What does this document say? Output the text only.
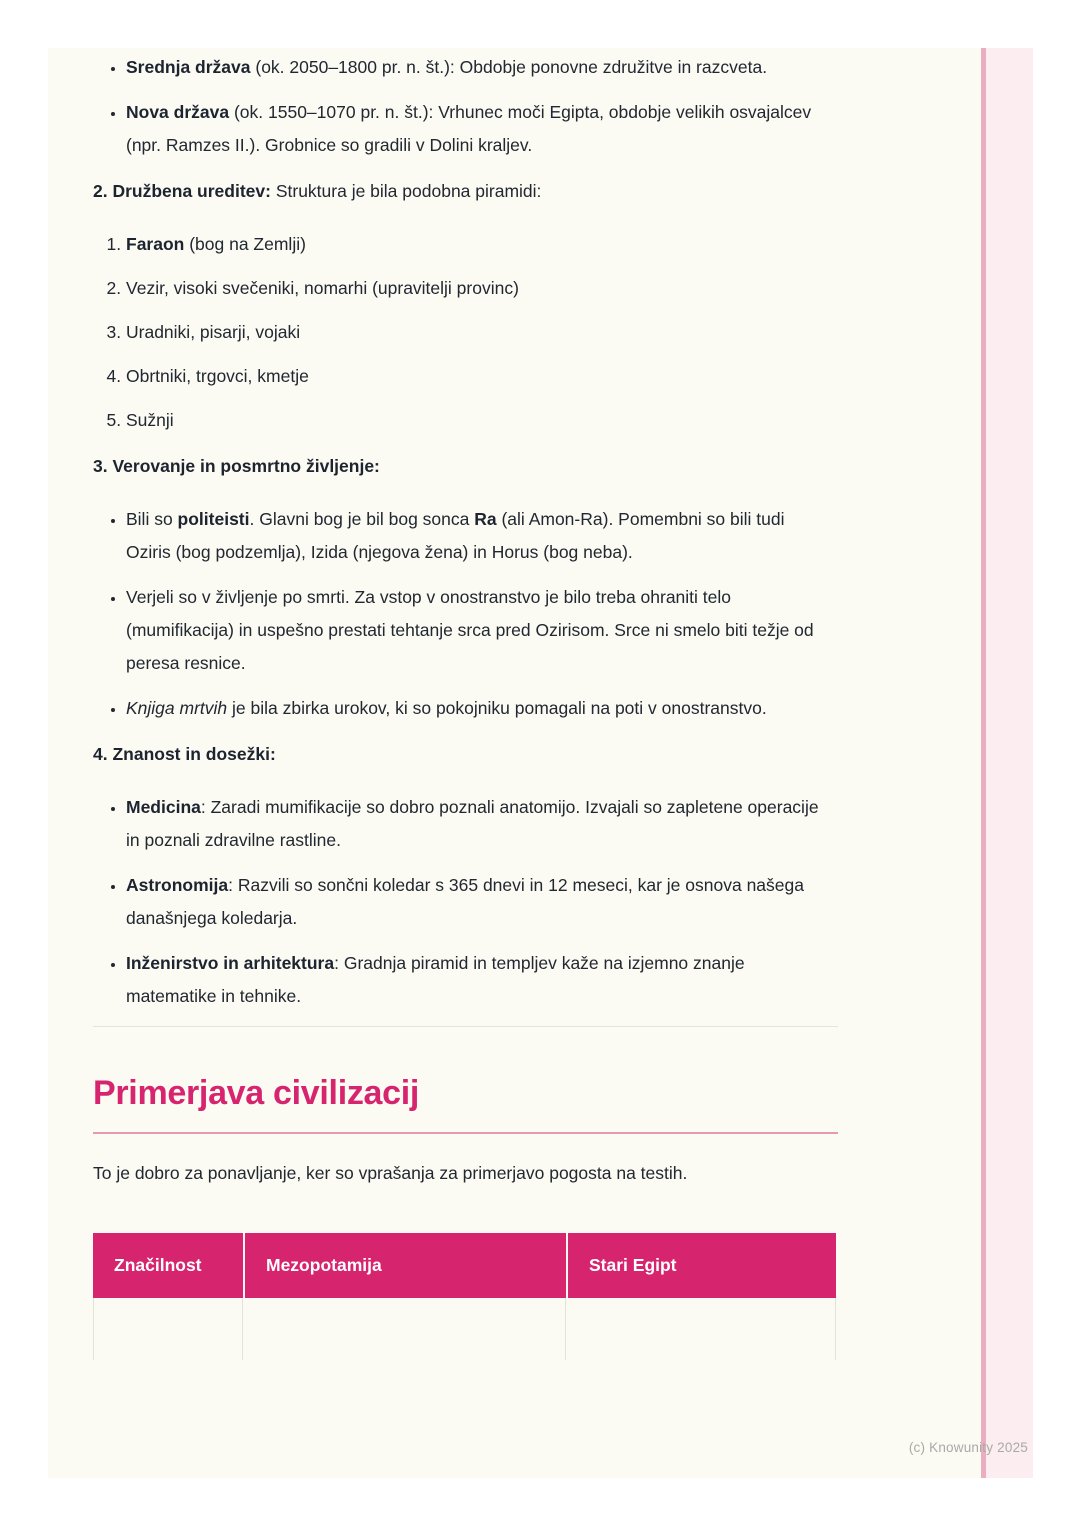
• Srednja država (ok. 2050–1800 pr. n. št.): Obdobje ponovne združitve in razcveta.
• Nova država (ok. 1550–1070 pr. n. št.): Vrhunec moči Egipta, obdobje velikih osvajalcev (npr. Ramzes II.). Grobnice so gradili v Dolini kraljev.

2. Družbena ureditev: Struktura je bila podobna piramidi:

1. Faraon (bog na Zemlji)
2. Vezir, visoki svečeniki, nomarhi (upravitelji provinc)
3. Uradniki, pisarji, vojaki
4. Obrtniki, trgovci, kmetje
5. Sužnji

3. Verovanje in posmrtno življenje:

• Bili so politeisti. Glavni bog je bil bog sonca Ra (ali Amon-Ra). Pomembni so bili tudi Oziris (bog podzemlja), Izida (njegova žena) in Horus (bog neba).
• Verjeli so v življenje po smrti. Za vstop v onostranstvo je bilo treba ohraniti telo (mumifikacija) in uspešno prestati tehtanje srca pred Ozirisom. Srce ni smelo biti težje od peresa resnice.
• Knjiga mrtvih je bila zbirka urokov, ki so pokojniku pomagali na poti v onostranstvo.

4. Znanost in dosežki:

• Medicina: Zaradi mumifikacije so dobro poznali anatomijo. Izvajali so zapletene operacije in poznali zdravilne rastline.
• Astronomija: Razvili so sončni koledar s 365 dnevi in 12 meseci, kar je osnova našega današnjega koledarja.
• Inženirstvo in arhitektura: Gradnja piramid in templjev kaže na izjemno znanje matematike in tehnike.
Primerjava civilizacij

To je dobro za ponavljanje, ker so vprašanja za primerjavo pogosta na testih.

Značilnost	Mezopotamija	Stari Egipt

(c) Knowunity 2025
